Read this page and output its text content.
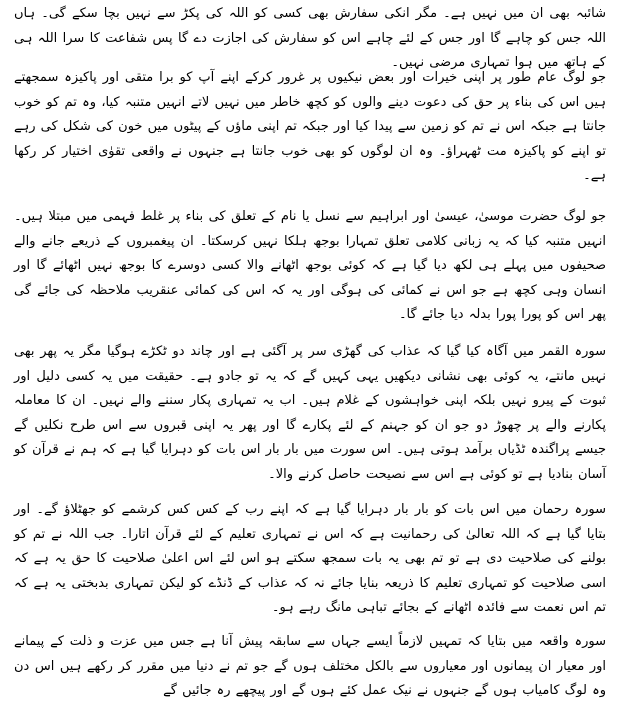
شائبہ بھی ان میں نہیں ہے۔ مگر انکی سفارش بھی کسی کو اللہ کی پکڑ سے نہیں بچا سکے گی۔ ہاں اللہ جس کو چاہے گا اور جس کے لئے چاہے اس کو سفارش کی اجازت دے گا پس شفاعت کا سرا اللہ ہی کے ہاتھ میں ہوا تمہاری مرضی نہیں۔

جو لوگ عام طور پر اپنی خیرات اور بعض نیکیوں پر غرور کرکے اپنے آپ کو برا متقی اور پاکیزہ سمجھتے ہیں اس کی بناء پر حق کی دعوت دینے والوں کو کچھ خاطر میں نہیں لاتے انہیں متنبہ کیا، وہ تم کو خوب جانتا ہے جبکہ اس نے تم کو زمین سے پیدا کیا اور جبکہ تم اپنی ماؤں کے پیٹوں میں خون کی شکل کی رہے تو اپنے کو پاکیزہ مت ٹھہراؤ۔ وہ ان لوگوں کو بھی خوب جانتا ہے جنہوں نے واقعی تقوٰی اختیار کر رکھا ہے۔

جو لوگ حضرت موسیٰ، عیسیٰ اور ابراہیم سے نسل یا نام کے تعلق کی بناء پر غلط فہمی میں مبتلا ہیں۔ انہیں متنبہ کیا کہ یہ زبانی کلامی تعلق تمہارا بوجھ ہلکا نہیں کرسکتا۔ ان پیغمبروں کے ذریعے جانے والے صحیفوں میں پہلے ہی لکھ دیا گیا ہے کہ کوئی بوجھ اٹھانے والا کسی دوسرے کا بوجھ نہیں اٹھائے گا اور انسان وہی کچھ ہے جو اس نے کمائی کی ہوگی اور یہ کہ اس کی کمائی عنقریب ملاحظہ کی جائے گی پھر اس کو پورا پورا بدلہ دیا جائے گا۔

سورہ القمر میں آگاہ کیا گیا کہ عذاب کی گھڑی سر پر آگئی ہے اور چاند دو ٹکڑے ہوگیا مگر یہ پھر بھی نہیں مانتے، یہ کوئی بھی نشانی دیکھیں یہی کہیں گے کہ یہ تو جادو ہے۔ حقیقت میں یہ کسی دلیل اور ثبوت کے پیرو نہیں بلکہ اپنی خواہشوں کے غلام ہیں۔ اب یہ تمہاری پکار سننے والے نہیں۔ ان کا معاملہ پکارنے والے پر چھوڑ دو جو ان کو جہنم کے لئے پکارے گا اور پھر یہ اپنی قبروں سے اس طرح نکلیں گے جیسے پراگندہ ٹڈیاں برآمد ہوتی ہیں۔ اس سورت میں بار بار اس بات کو دہرایا گیا ہے کہ ہم نے قرآن کو آسان بنادیا ہے تو کوئی ہے اس سے نصیحت حاصل کرنے والا۔

سورہ رحمان میں اس بات کو بار بار دہرایا گیا ہے کہ اپنے رب کے کس کس کرشمے کو جھٹلاؤ گے۔ اور بتایا گیا ہے کہ اللہ تعالیٰ کی رحمانیت ہے کہ اس نے تمہاری تعلیم کے لئے قرآن اتارا۔ جب اللہ نے تم کو بولنے کی صلاحیت دی ہے تو تم بھی یہ بات سمجھ سکتے ہو اس لئے اس اعلیٰ صلاحیت کا حق یہ ہے کہ اسی صلاحیت کو تمہاری تعلیم کا ذریعہ بنایا جائے نہ کہ عذاب کے ڈنڈے کو لیکن تمہاری بدبختی یہ ہے کہ تم اس نعمت سے فائدہ اٹھانے کے بجائے تباہی مانگ رہے ہو۔

سورہ واقعہ میں بتایا کہ تمہیں لازماً ایسے جہاں سے سابقہ پیش آنا ہے جس میں عزت و ذلت کے پیمانے اور معیار ان پیمانوں اور معیاروں سے بالکل مختلف ہوں گے جو تم نے دنیا میں مقرر کر رکھے ہیں اس دن وہ لوگ کامیاب ہوں گے جنہوں نے نیک عمل کئے ہوں گے اور پیچھے رہ جائیں گے
